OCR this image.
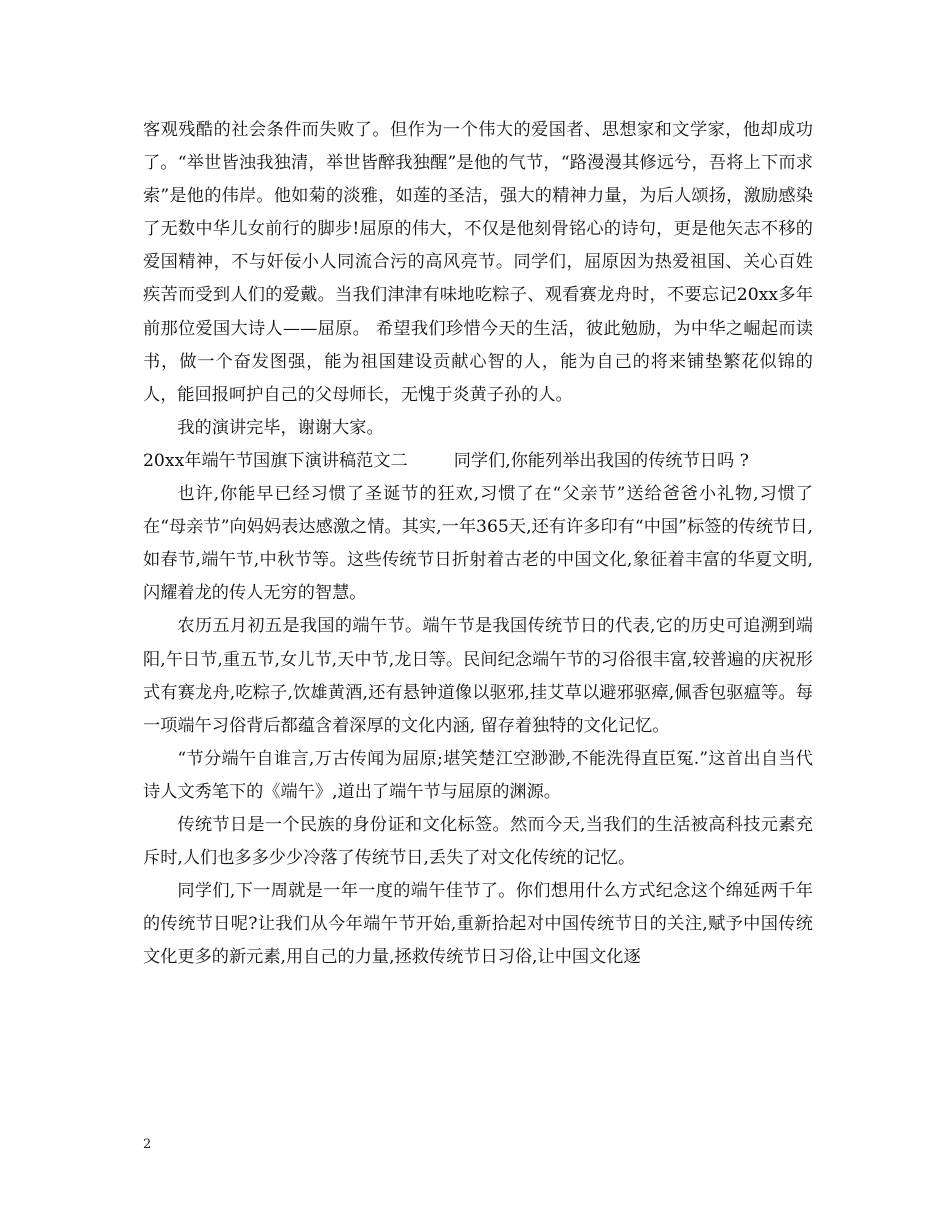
客观残酷的社会条件而失败了。但作为一个伟大的爱国者、思想家和文学家，他却成功了。“举世皆浊我独清，举世皆醉我独醒”是他的气节，“路漫漫其修远兮，吾将上下而求索”是他的伟岸。他如菊的淡雅，如莲的圣洁，强大的精神力量，为后人颂扬，激励感染了无数中华儿女前行的脚步!屈原的伟大，不仅是他刻骨铭心的诗句，更是他矢志不移的爱国精神，不与奸佞小人同流合污的高风亮节。同学们，屈原因为热爱祖国、关心百姓疾苦而受到人们的爱戴。当我们津津有味地吃粽子、观看赛龙舟时，不要忘记20xx多年前那位爱国大诗人——屈原。 希望我们珍惜今天的生活，彼此勉励，为中华之崛起而读书，做一个奋发图强，能为祖国建设贡献心智的人，能为自己的将来铺垫繁花似锦的人，能回报呵护自己的父母师长，无愧于炎黄子孙的人。

我的演讲完毕，谢谢大家。

20xx年端午节国旗下演讲稿范文二	同学们,你能列举出我国的传统节日吗 ?

也许,你能早已经习惯了圣诞节的狂欢,习惯了在“父亲节”送给爸爸小礼物,习惯了在“母亲节”向妈妈表达感激之情。其实,一年365天,还有许多印有“中国”标签的传统节日,如春节,端午节,中秋节等。这些传统节日折射着古老的中国文化,象征着丰富的华夏文明,闪耀着龙的传人无穷的智慧。

农历五月初五是我国的端午节。端午节是我国传统节日的代表,它的历史可追溯到端阳,午日节,重五节,女儿节,天中节,龙日等。民间纪念端午节的习俗很丰富,较普遍的庆祝形式有赛龙舟,吃粽子,饮雄黄酒,还有悬钟道像以驱邪,挂艾草以避邪驱瘴,佩香包驱瘟等。每一项端午习俗背后都蕴含着深厚的文化内涵, 留存着独特的文化记忆。

“节分端午自谁言,万古传闻为屈原;堪笑楚江空渺渺,不能洗得直臣冤.”这首出自当代诗人文秀笔下的《端午》,道出了端午节与屈原的渊源。

传统节日是一个民族的身份证和文化标签。然而今天,当我们的生活被高科技元素充斥时,人们也多多少少冷落了传统节日,丢失了对文化传统的记忆。

同学们,下一周就是一年一度的端午佳节了。你们想用什么方式纪念这个绵延两千年的传统节日呢?让我们从今年端午节开始,重新拾起对中国传统节日的关注,赋予中国传统文化更多的新元素,用自己的力量,拯救传统节日习俗,让中国文化逐

2
